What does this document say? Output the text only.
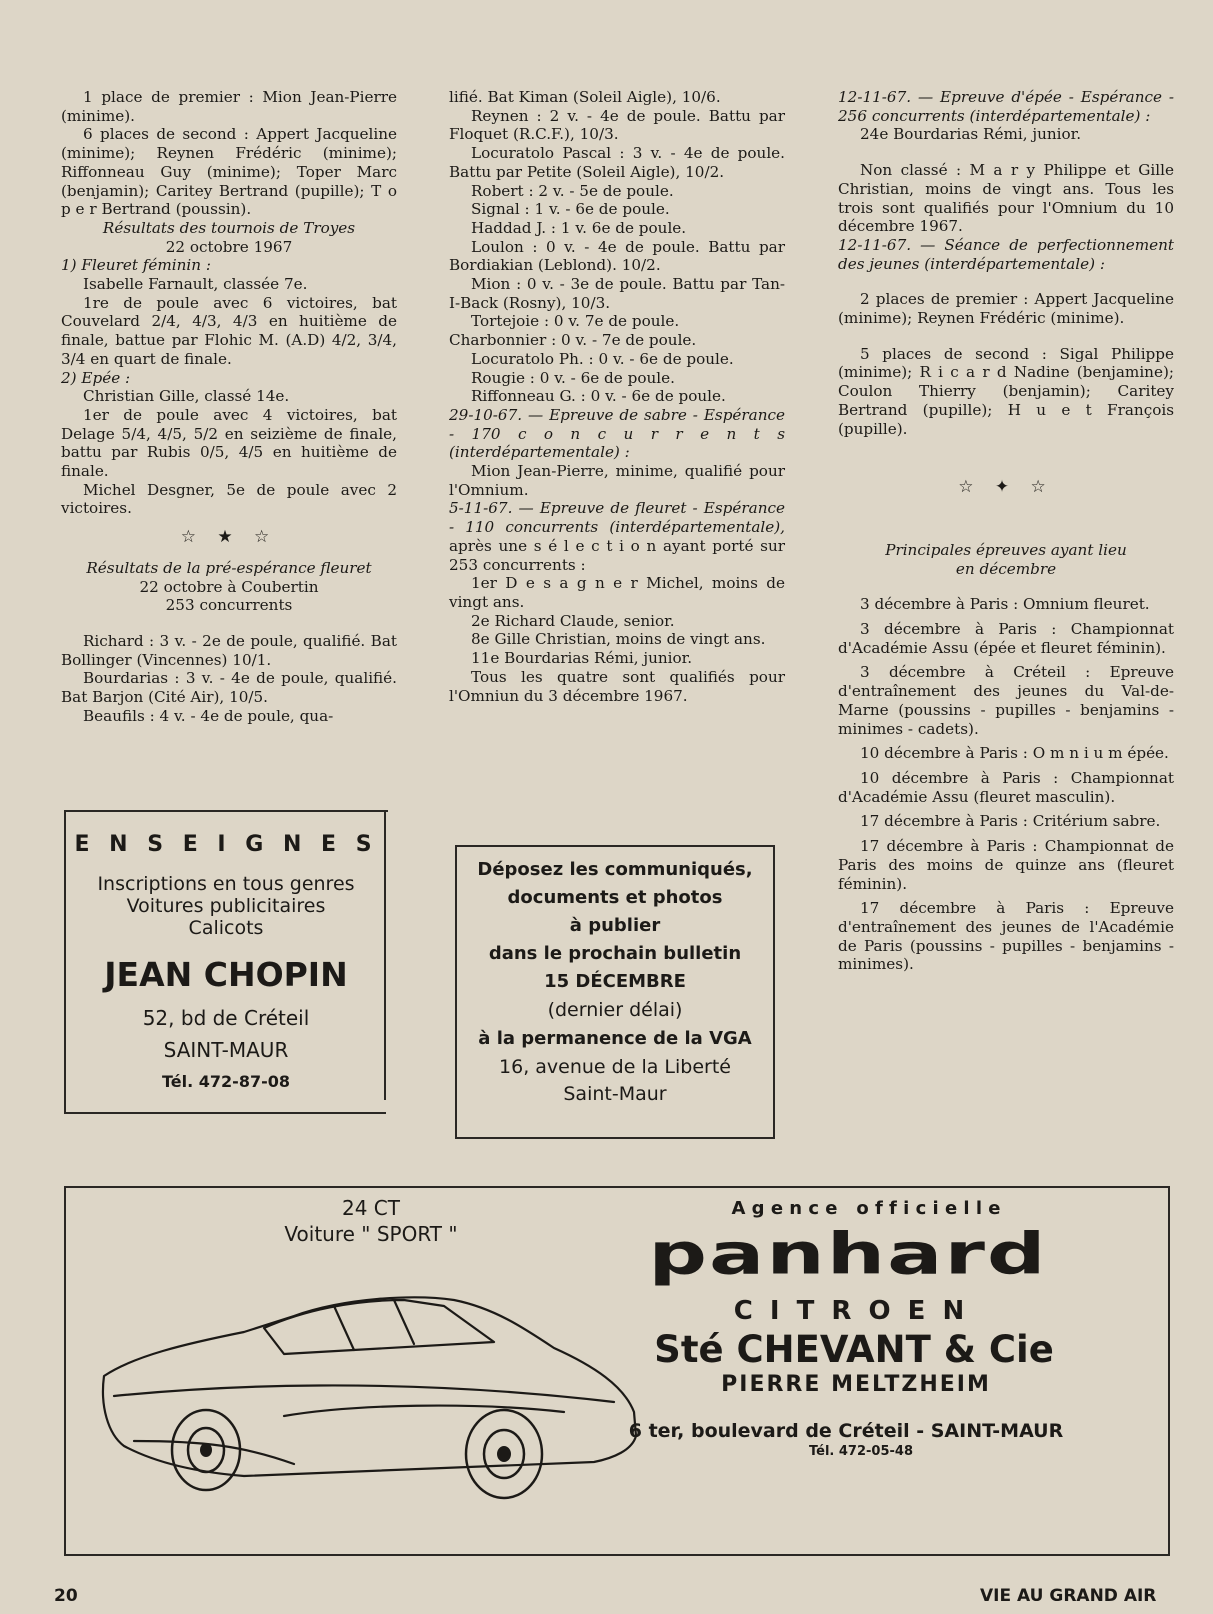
1 place de premier : Mion Jean-Pierre (minime).

6 places de second : Appert Jacqueline (minime); Reynen Frédéric (minime); Riffonneau Guy (minime); Toper Marc (benjamin); Caritey Bertrand (pupille); T o p e r Bertrand (poussin).

Résultats des tournois de Troyes

22 octobre 1967

1) Fleuret féminin :

Isabelle Farnault, classée 7e.

1re de poule avec 6 victoires, bat Couvelard 2/4, 4/3, 4/3 en huitième de finale, battue par Flohic M. (A.D) 4/2, 3/4, 3/4 en quart de finale.

2) Epée :

Christian Gille, classé 14e.

1er de poule avec 4 victoires, bat Delage 5/4, 4/5, 5/2 en seizième de finale, battu par Rubis 0/5, 4/5 en huitième de finale.

Michel Desgner, 5e de poule avec 2 victoires.

☆ ★ ☆

Résultats de la pré-espérance fleuret

22 octobre à Coubertin

253 concurrents

Richard : 3 v. - 2e de poule, qualifié. Bat Bollinger (Vincennes) 10/1.

Bourdarias : 3 v. - 4e de poule, qualifié. Bat Barjon (Cité Air), 10/5.

Beaufils : 4 v. - 4e de poule, qua-

lifié. Bat Kiman (Soleil Aigle), 10/6.

Reynen : 2 v. - 4e de poule. Battu par Floquet (R.C.F.), 10/3.

Locuratolo Pascal : 3 v. - 4e de poule. Battu par Petite (Soleil Aigle), 10/2.

Robert : 2 v. - 5e de poule.

Signal : 1 v. - 6e de poule.

Haddad J. : 1 v. 6e de poule.

Loulon : 0 v. - 4e de poule. Battu par Bordiakian (Leblond). 10/2.

Mion : 0 v. - 3e de poule. Battu par Tan-I-Back (Rosny), 10/3.

Tortejoie : 0 v. 7e de poule.

Charbonnier : 0 v. - 7e de poule.

Locuratolo Ph. : 0 v. - 6e de poule.

Rougie : 0 v. - 6e de poule.

Riffonneau G. : 0 v. - 6e de poule.

29-10-67. — Epreuve de sabre - Espérance - 170 c o n c u r r e n t s (interdépartementale) :

Mion Jean-Pierre, minime, qualifié pour l'Omnium.

5-11-67. — Epreuve de fleuret - Espérance - 110 concurrents (interdépartementale), après une s é l e c t i o n ayant porté sur 253 concurrents :

1er D e s a g n e r Michel, moins de vingt ans.

2e Richard Claude, senior.

8e Gille Christian, moins de vingt ans.

11e Bourdarias Rémi, junior.

Tous les quatre sont qualifiés pour l'Omniun du 3 décembre 1967.

12-11-67. — Epreuve d'épée - Espérance - 256 concurrents (interdépartementale) :

24e Bourdarias Rémi, junior.

Non classé : M a r y Philippe et Gille Christian, moins de vingt ans. Tous les trois sont qualifiés pour l'Omnium du 10 décembre 1967.

12-11-67. — Séance de perfectionnement des jeunes (interdépartementale) :

2 places de premier : Appert Jacqueline (minime); Reynen Frédéric (minime).

5 places de second : Sigal Philippe (minime); R i c a r d Nadine (benjamine); Coulon Thierry (benjamin); Caritey Bertrand (pupille); H u e t François (pupille).

☆ ✦ ☆

Principales épreuves ayant lieu

en décembre

3 décembre à Paris : Omnium fleuret.

3 décembre à Paris : Championnat d'Académie Assu (épée et fleuret féminin).

3 décembre à Créteil : Epreuve d'entraînement des jeunes du Val-de-Marne (poussins - pupilles - benjamins - minimes - cadets).

10 décembre à Paris : O m n i u m épée.

10 décembre à Paris : Championnat d'Académie Assu (fleuret masculin).

17 décembre à Paris : Critérium sabre.

17 décembre à Paris : Championnat de Paris des moins de quinze ans (fleuret féminin).

17 décembre à Paris : Epreuve d'entraînement des jeunes de l'Académie de Paris (poussins - pupilles - benjamins - minimes).

E N S E I G N E S

Inscriptions en tous genres

Voitures publicitaires

Calicots

JEAN CHOPIN

52, bd de Créteil

SAINT-MAUR

Tél. 472-87-08

Déposez les communiqués,

documents et photos

à publier

dans le prochain bulletin

15 DÉCEMBRE

(dernier délai)

à la permanence de la VGA

16, avenue de la Liberté

Saint-Maur

24 CT

Voiture " SPORT "

A g e n c e   o f f i c i e l l e

panhard

C I T R O E N

Sté CHEVANT & Cie

PIERRE MELTZHEIM

6 ter, boulevard de Créteil - SAINT-MAUR

Tél. 472-05-48

20	VIE AU GRAND AIR
